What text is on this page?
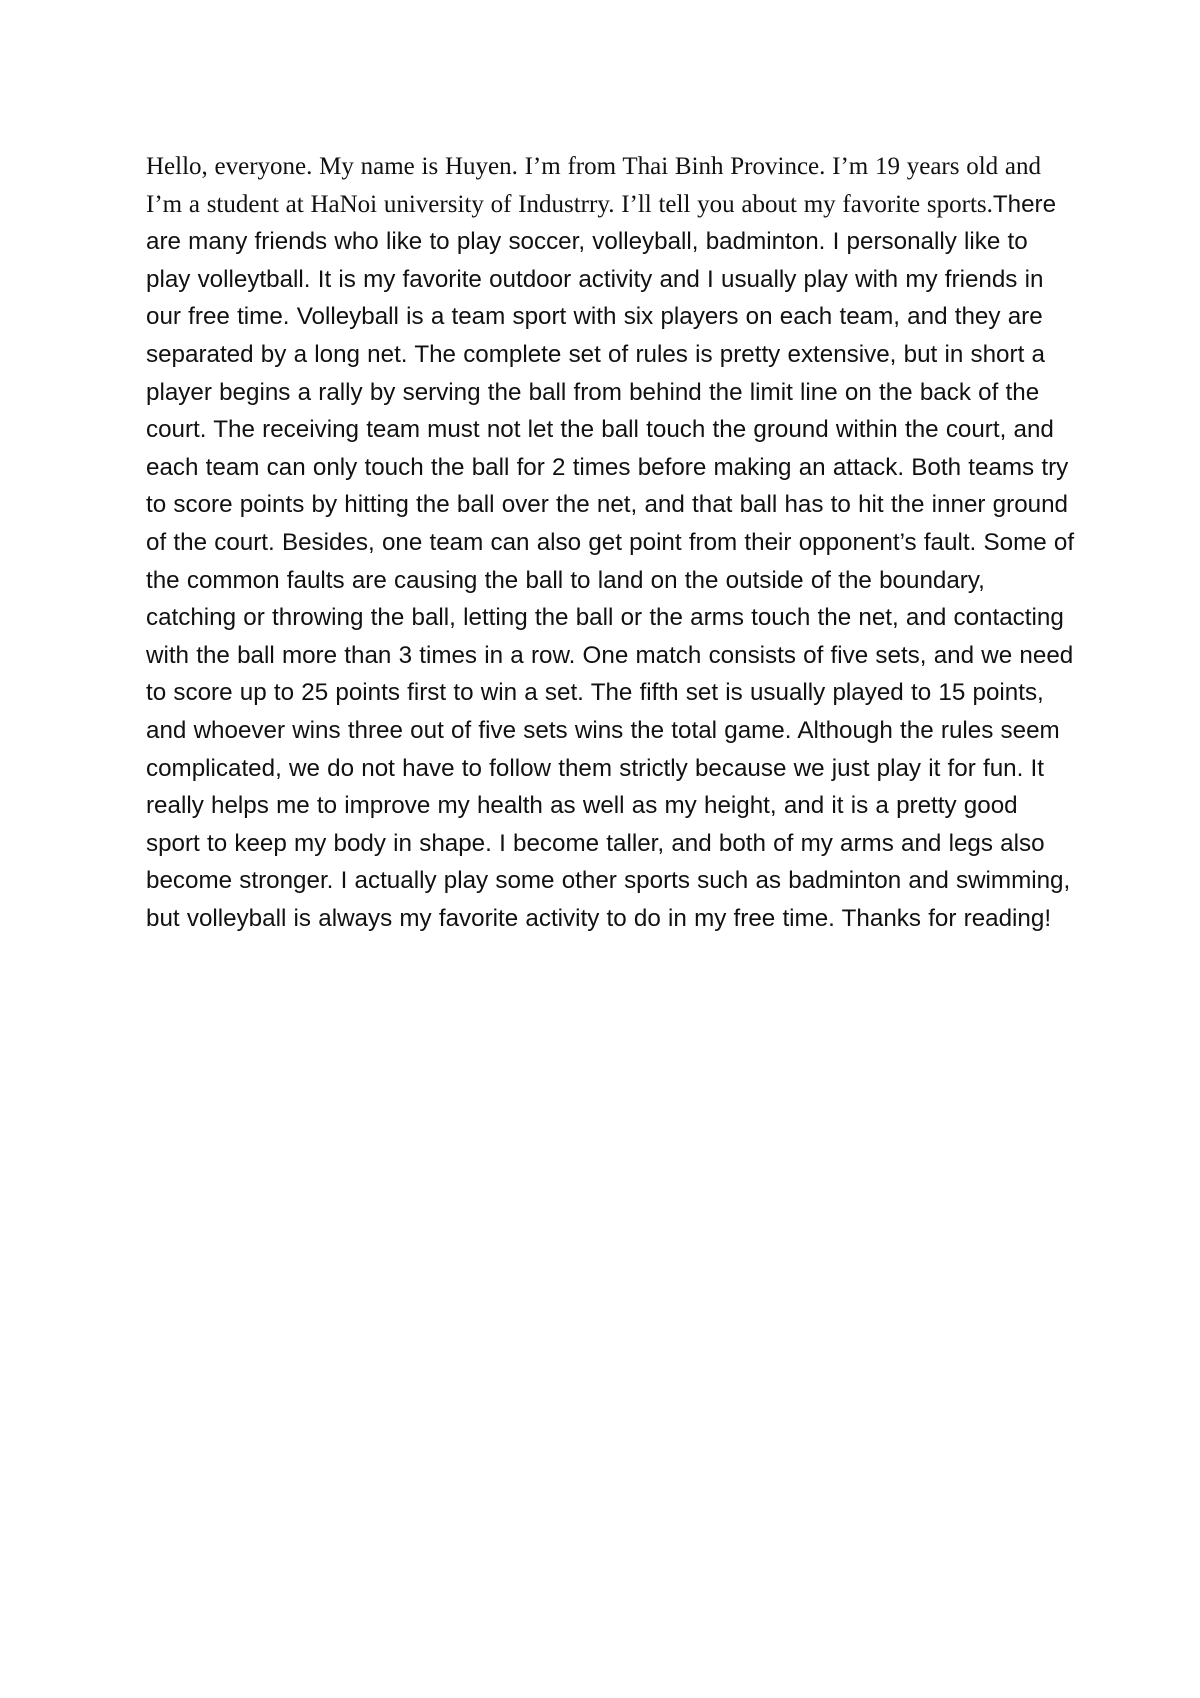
Hello, everyone. My name is Huyen. I’m from Thai Binh Province. I’m 19 years old and I’m a student at HaNoi university of Industrry. I’ll tell you about my favorite sports.There are many friends who like to play soccer, volleyball, badminton. I personally like to play volleytball. It is my favorite outdoor activity and I usually play with my friends in our free time. Volleyball is a team sport with six players on each team, and they are separated by a long net. The complete set of rules is pretty extensive, but in short a player begins a rally by serving the ball from behind the limit line on the back of the court. The receiving team must not let the ball touch the ground within the court, and each team can only touch the ball for 2 times before making an attack. Both teams try to score points by hitting the ball over the net, and that ball has to hit the inner ground of the court. Besides, one team can also get point from their opponent’s fault. Some of the common faults are causing the ball to land on the outside of the boundary, catching or throwing the ball, letting the ball or the arms touch the net, and contacting with the ball more than 3 times in a row. One match consists of five sets, and we need to score up to 25 points first to win a set. The fifth set is usually played to 15 points, and whoever wins three out of five sets wins the total game. Although the rules seem complicated, we do not have to follow them strictly because we just play it for fun. It really helps me to improve my health as well as my height, and it is a pretty good sport to keep my body in shape. I become taller, and both of my arms and legs also become stronger. I actually play some other sports such as badminton and swimming, but volleyball is always my favorite activity to do in my free time. Thanks for reading!
